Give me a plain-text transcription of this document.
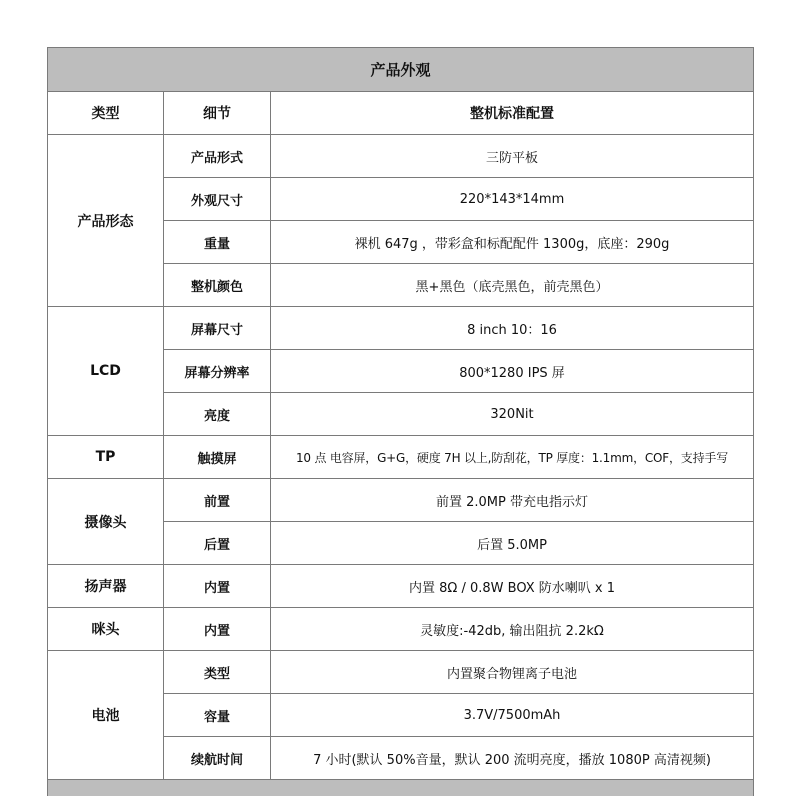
产品外观		
类型	细节	整机标准配置
产品形态	产品形式	三防平板
	外观尺寸	220*143*14mm
	重量	裸机 647g ，带彩盒和标配配件 1300g，底座：290g
	整机颜色	黑+黑色（底壳黑色，前壳黑色）
LCD	屏幕尺寸	8 inch 10：16
	屏幕分辨率	800*1280 IPS 屏
	亮度	320Nit
TP	触摸屏	10 点 电容屏，G+G，硬度 7H 以上,防刮花，TP 厚度：1.1mm，COF，支持手写
摄像头	前置	前置 2.0MP 带充电指示灯
	后置	后置 5.0MP
扬声器	内置	内置 8Ω / 0.8W BOX 防水喇叭 x 1
咪头	内置	灵敏度:-42db, 输出阻抗 2.2kΩ
电池	类型	内置聚合物锂离子电池
	容量	3.7V/7500mAh
	续航时间	7 小时(默认 50%音量，默认 200 流明亮度，播放 1080P 高清视频)
